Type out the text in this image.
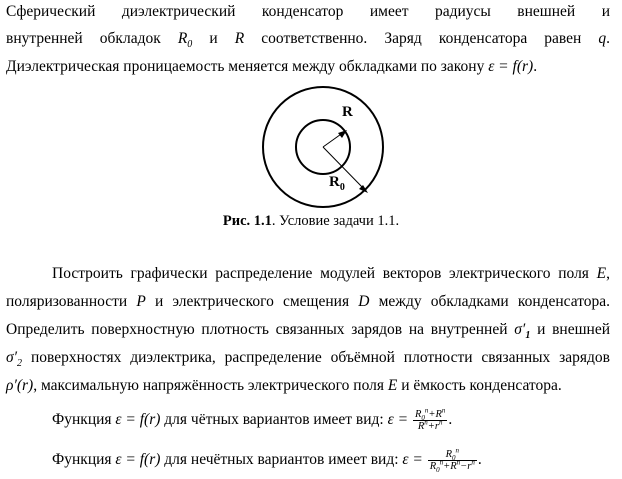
Сферический диэлектрический конденсатор имеет радиусы внешней и
внутренней обкладок $R_0$ и R соответственно. Заряд конденсатора равен q.
Диэлектрическая проницаемость меняется между обкладками по закону ε = f(r).
R
$R_0$
Рис. 1.1. Условие задачи 1.1.
Построить графически распределение модулей векторов электрического поля E,
поляризованности P и электрического смещения D между обкладками конденсатора.
Определить поверхностную плотность связанных зарядов на внутренней $\sigma'_1$ и внешней
$\sigma'_2$ поверхностях диэлектрика, распределение объёмной плотности связанных зарядов
ρ′(r), максимальную напряжённость электрического поля E и ёмкость конденсатора.
Функция ε = f(r) для чётных вариантов имеет вид: $\varepsilon = \frac{R_0^n+R^n}{R^n+r^n}$ .
Функция ε = f(r) для нечётных вариантов имеет вид: $\varepsilon = \frac{R_0^n}{R_0^n+R^n-r^n}$ .
